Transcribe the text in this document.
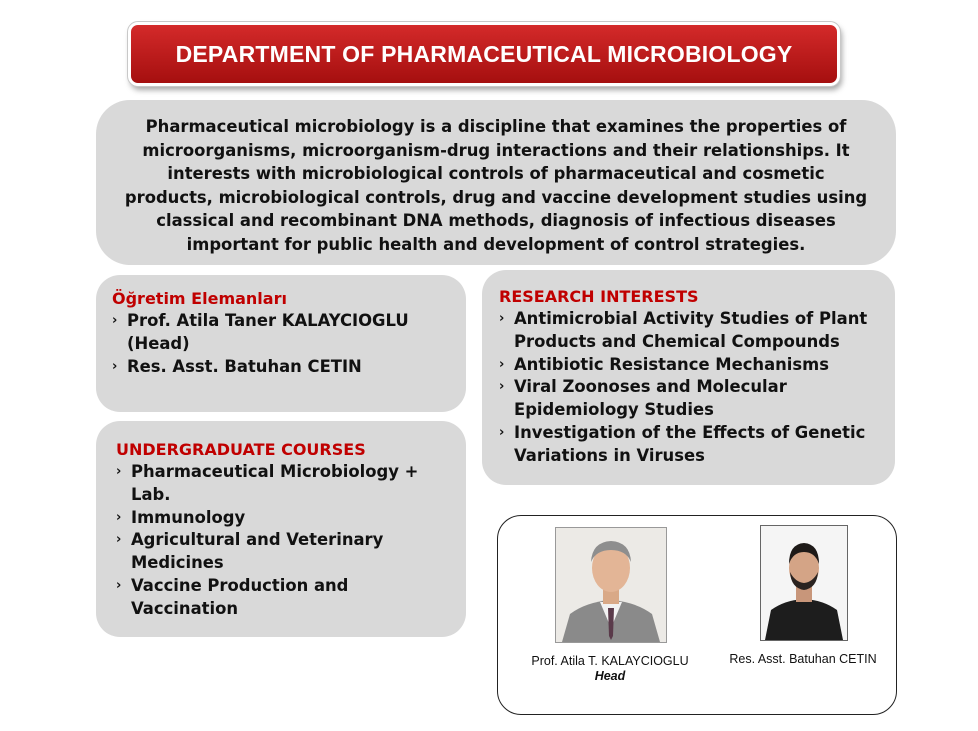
DEPARTMENT OF PHARMACEUTICAL MICROBIOLOGY
Pharmaceutical microbiology is a discipline that examines the properties of microorganisms, microorganism-drug interactions and their relationships. It interests with microbiological controls of pharmaceutical and cosmetic products, microbiological controls, drug and vaccine development studies using classical and recombinant DNA methods, diagnosis of infectious diseases important for public health and development of control strategies.

Öğretim Elemanları

› Prof. Atila Taner KALAYCIOGLU (Head)
› Res. Asst. Batuhan CETIN

UNDERGRADUATE COURSES

› Pharmaceutical Microbiology + Lab.
› Immunology
› Agricultural and Veterinary Medicines
› Vaccine Production and Vaccination

RESEARCH INTERESTS

› Antimicrobial Activity Studies of Plant Products and Chemical Compounds
› Antibiotic Resistance Mechanisms
› Viral Zoonoses and Molecular Epidemiology Studies
› Investigation of the Effects of Genetic Variations in Viruses
Prof. Atila T. KALAYCIOGLU
Head
Res. Asst. Batuhan CETIN
